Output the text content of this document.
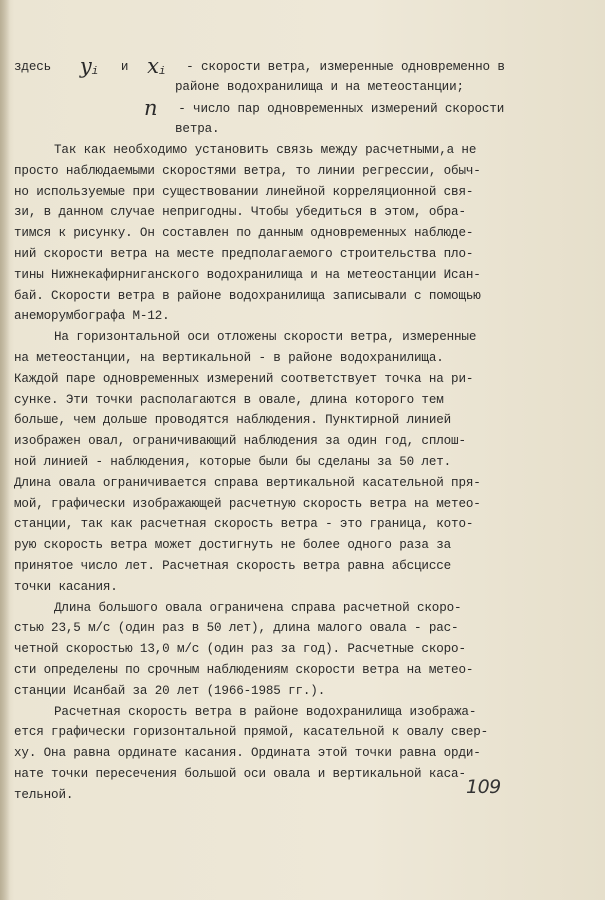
здесь yi и xi - скорости ветра, измеренные одновременно в
районе водохранилища и на метеостанции;
n - число пар одновременных измерений скорости
ветра.
Так как необходимо установить связь между расчетными,а не
просто наблюдаемыми скоростями ветра, то линии регрессии, обыч-
но используемые при существовании линейной корреляционной свя-
зи, в данном случае непригодны. Чтобы убедиться в этом, обра-
тимся к рисунку. Он составлен по данным одновременных наблюде-
ний скорости ветра на месте предполагаемого строительства пло-
тины Нижнекафирниганского водохранилища и на метеостанции Исан-
бай. Скорости ветра в районе водохранилища записывали с помощью
анеморумбографа М-12.
На горизонтальной оси отложены скорости ветра, измеренные
на метеостанции, на вертикальной - в районе водохранилища.
Каждой паре одновременных измерений соответствует точка на ри-
сунке. Эти точки располагаются в овале, длина которого тем
больше, чем дольше проводятся наблюдения. Пунктирной линией
изображен овал, ограничивающий наблюдения за один год, сплош-
ной линией - наблюдения, которые были бы сделаны за 50 лет.
Длина овала ограничивается справа вертикальной касательной пря-
мой, графически изображающей расчетную скорость ветра на метео-
станции, так как расчетная скорость ветра - это граница, кото-
рую скорость ветра может достигнуть не более одного раза за
принятое число лет. Расчетная скорость ветра равна абсциссе
точки касания.
Длина большого овала ограничена справа расчетной скоро-
стью 23,5 м/с (один раз в 50 лет), длина малого овала - рас-
четной скоростью 13,0 м/с (один раз за год). Расчетные скоро-
сти определены по срочным наблюдениям скорости ветра на метео-
станции Исанбай за 20 лет (1966-1985 гг.).
Расчетная скорость ветра в районе водохранилища изобража-
ется графически горизонтальной прямой, касательной к овалу свер-
ху. Она равна ординате касания. Ордината этой точки равна орди-
нате точки пересечения большой оси овала и вертикальной каса-
тельной.	109
